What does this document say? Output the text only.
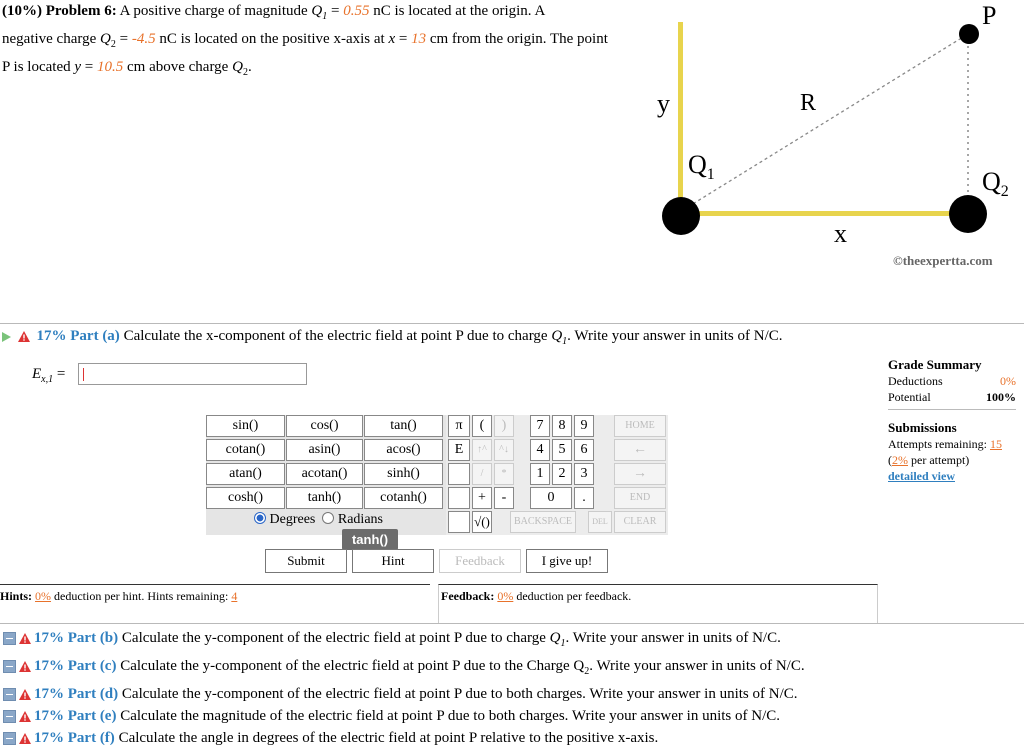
(10%) Problem 6: A positive charge of magnitude $Q_1 = 0.55$ nC is located at the origin. A
negative charge $Q_2 = -4.5$ nC is located on the positive x-axis at x = 13 cm from the origin. The point
P is located y = 10.5 cm above charge $Q_2$.
P
y	R
$Q_1$	$Q_2$
x
©theexpertta.com
17% Part (a) Calculate the x-component of the electric field at point P due to charge $Q_1$. Write your answer in units of N/C.
$E_{x,1}$ =
sin()	cos()	tan()
cotan()	asin()	acos()
atan()	acotan()	sinh()
cosh()	tanh()	cotanh()
Degrees Radians
π	(	)
E	↑^	^↓
/	*
+	-
√()
7	8	9
4	5	6
1	2	3
0	.
BACKSPACE	DEL
HOME
←
→
END
CLEAR
tanh()
Submit	Hint	Feedback	I give up!
Grade Summary
Deductions	0%
Potential	100%
Submissions
Attempts remaining: 15
(2% per attempt)
detailed view
Hints: 0% deduction per hint. Hints remaining: 4	Feedback: 0% deduction per feedback.
17% Part (b) Calculate the y-component of the electric field at point P due to charge $Q_1$. Write your answer in units of N/C.
17% Part (c) Calculate the y-component of the electric field at point P due to the Charge $Q_2$. Write your answer in units of N/C.
17% Part (d) Calculate the y-component of the electric field at point P due to both charges. Write your answer in units of N/C.
17% Part (e) Calculate the magnitude of the electric field at point P due to both charges. Write your answer in units of N/C.
17% Part (f) Calculate the angle in degrees of the electric field at point P relative to the positive x-axis.
